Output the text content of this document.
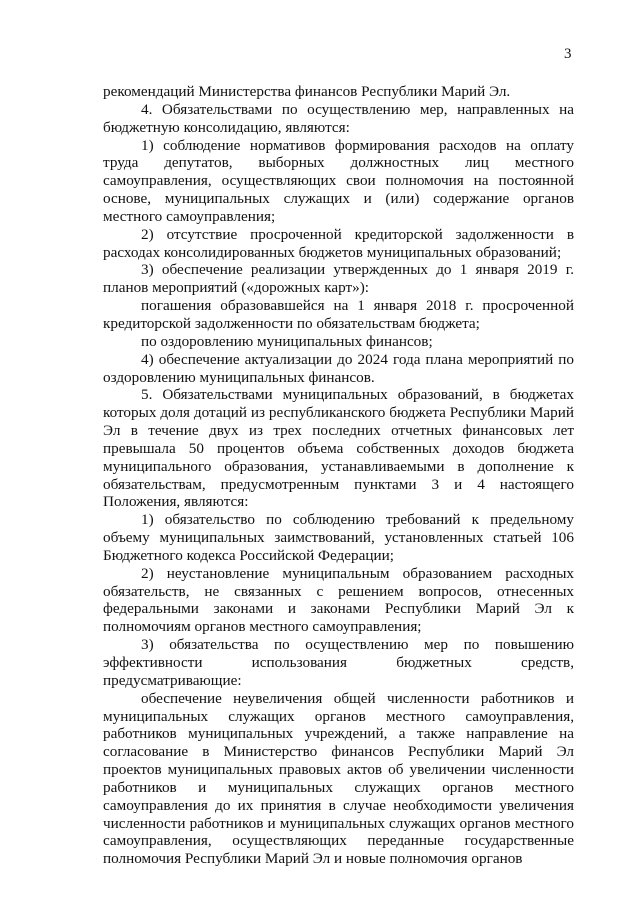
3

рекомендаций Министерства финансов Республики Марий Эл.

4. Обязательствами по осуществлению мер, направленных на бюджетную консолидацию, являются:

1) соблюдение нормативов формирования расходов на оплату труда депутатов, выборных должностных лиц местного самоуправления, осуществляющих свои полномочия на постоянной основе, муниципальных служащих и (или) содержание органов местного самоуправления;

2) отсутствие просроченной кредиторской задолженности в расходах консолидированных бюджетов муниципальных образований;

3) обеспечение реализации утвержденных до 1 января 2019 г. планов мероприятий («дорожных карт»):

погашения образовавшейся на 1 января 2018 г. просроченной кредиторской задолженности по обязательствам бюджета;

по оздоровлению муниципальных финансов;

4) обеспечение актуализации до 2024 года плана мероприятий по оздоровлению муниципальных финансов.

5. Обязательствами муниципальных образований, в бюджетах которых доля дотаций из республиканского бюджета Республики Марий Эл в течение двух из трех последних отчетных финансовых лет превышала 50 процентов объема собственных доходов бюджета муниципального образования, устанавливаемыми в дополнение к обязательствам, предусмотренным пунктами 3 и 4 настоящего Положения, являются:

1) обязательство по соблюдению требований к предельному объему муниципальных заимствований, установленных статьей 106 Бюджетного кодекса Российской Федерации;

2) неустановление муниципальным образованием расходных обязательств, не связанных с решением вопросов, отнесенных федеральными законами и законами Республики Марий Эл к полномочиям органов местного самоуправления;

3) обязательства по осуществлению мер по повышению эффективности использования бюджетных средств, предусматривающие:

обеспечение неувеличения общей численности работников и муниципальных служащих органов местного самоуправления, работников муниципальных учреждений, а также направление на согласование в Министерство финансов Республики Марий Эл проектов муниципальных правовых актов об увеличении численности работников и муниципальных служащих органов местного самоуправления до их принятия в случае необходимости увеличения численности работников и муниципальных служащих органов местного самоуправления, осуществляющих переданные государственные полномочия Республики Марий Эл и новые полномочия органов
